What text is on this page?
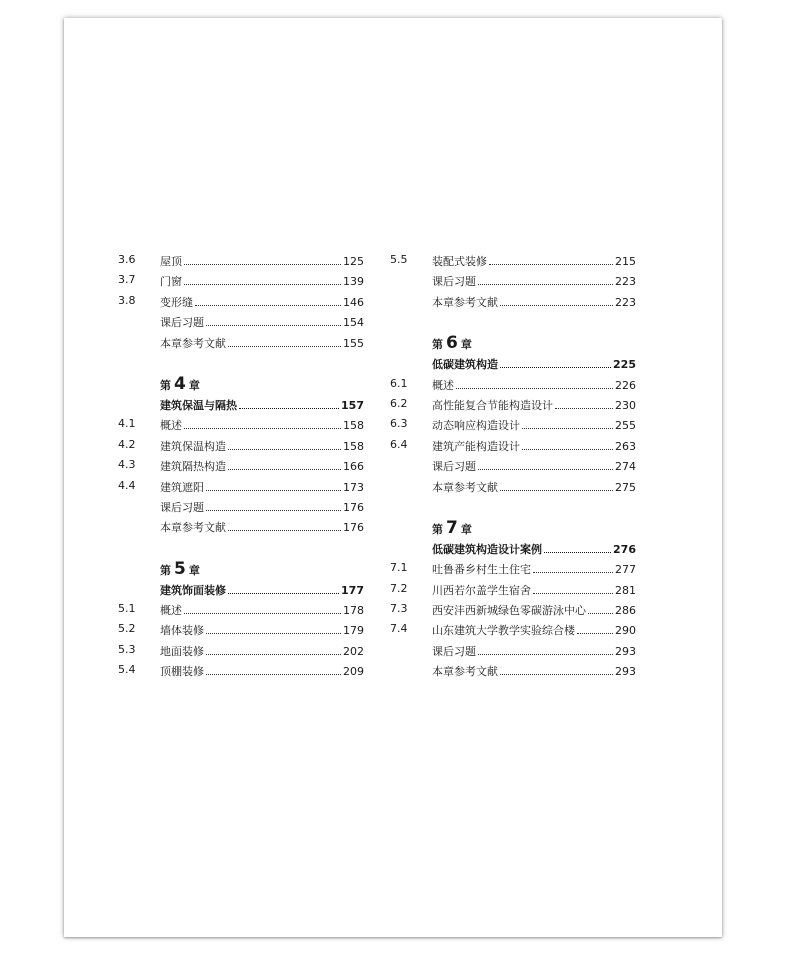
3.6 屋顶	125
3.7 门窗	139
3.8 变形缝	146
课后习题	154
本章参考文献	155
第 4 章
建筑保温与隔热	157
4.1 概述	158
4.2 建筑保温构造	158
4.3 建筑隔热构造	166
4.4 建筑遮阳	173
课后习题	176
本章参考文献	176
第 5 章
建筑饰面装修	177
5.1 概述	178
5.2 墙体装修	179
5.3 地面装修	202
5.4 顶棚装修	209
5.5 装配式装修	215
课后习题	223
本章参考文献	223
第 6 章
低碳建筑构造	225
6.1 概述	226
6.2 高性能复合节能构造设计	230
6.3 动态响应构造设计	255
6.4 建筑产能构造设计	263
课后习题	274
本章参考文献	275
第 7 章
低碳建筑构造设计案例	276
7.1 吐鲁番乡村生土住宅	277
7.2 川西若尔盖学生宿舍	281
7.3 西安沣西新城绿色零碳游泳中心	286
7.4 山东建筑大学教学实验综合楼	290
课后习题	293
本章参考文献	293
